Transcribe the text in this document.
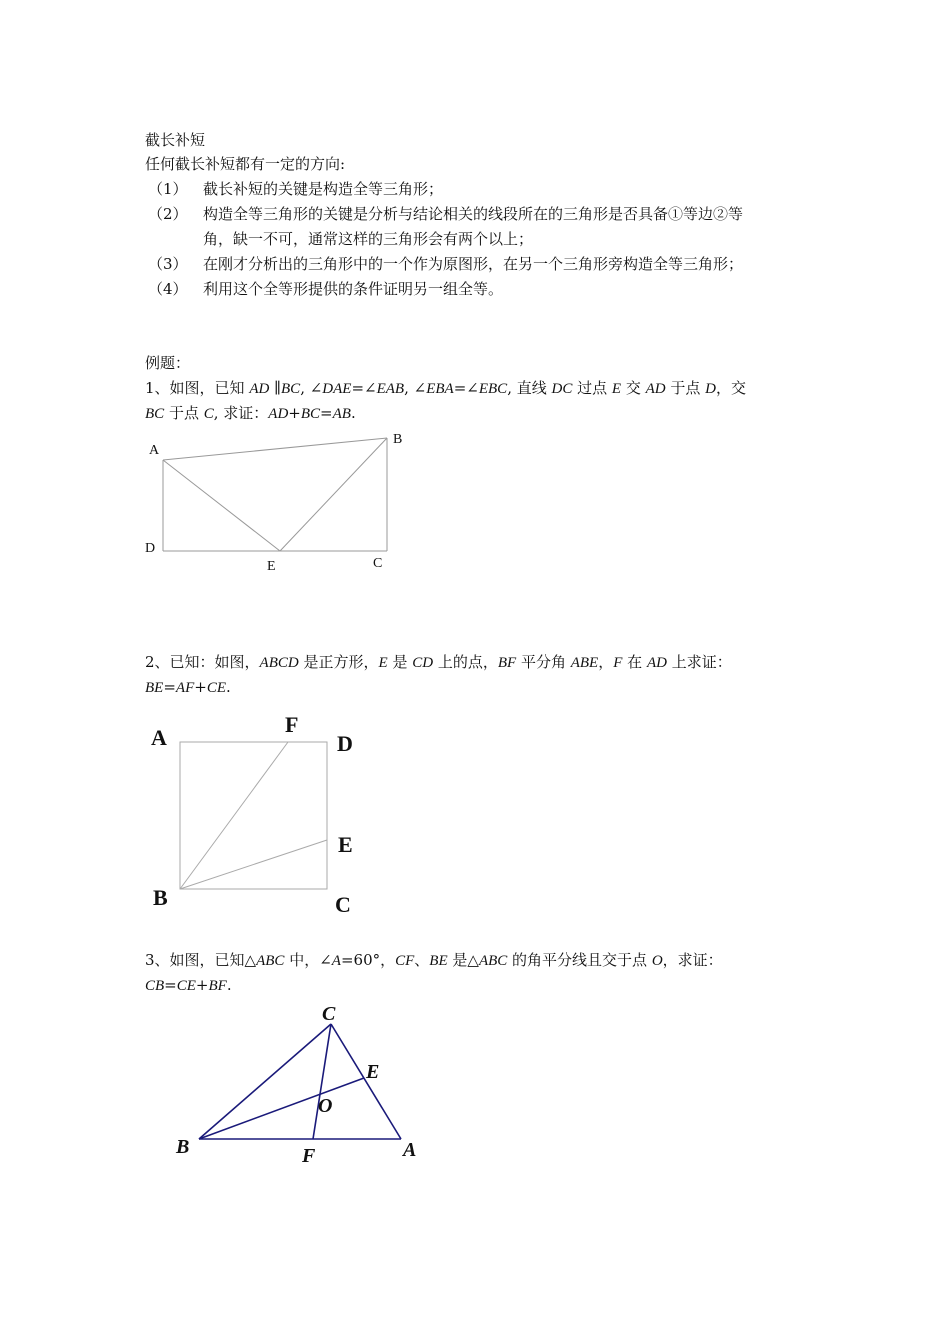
截长补短
任何截长补短都有一定的方向:
（1） 截长补短的关键是构造全等三角形；
（2） 构造全等三角形的关键是分析与结论相关的线段所在的三角形是否具备①等边②等
角，缺一不可，通常这样的三角形会有两个以上；
（3） 在刚才分析出的三角形中的一个作为原图形，在另一个三角形旁构造全等三角形；
（4） 利用这个全等形提供的条件证明另一组全等。
例题：
1、如图，已知 AD ∥BC, ∠DAE=∠EAB, ∠EBA=∠EBC, 直线 DC 过点 E 交 AD 于点 D，交
BC 于点 C, 求证：AD+BC=AB.
2、已知：如图，ABCD 是正方形，E 是 CD 上的点，BF 平分角 ABE，F 在 AD 上求证：
BE=AF+CE.
3、如图，已知△ABC 中，∠A=60°，CF、BE 是△ABC 的角平分线且交于点 O，求证：
CB=CE+BF.
A
B
D
E	C
A
F
D
E
B	C
C
E
O
B	F	A
